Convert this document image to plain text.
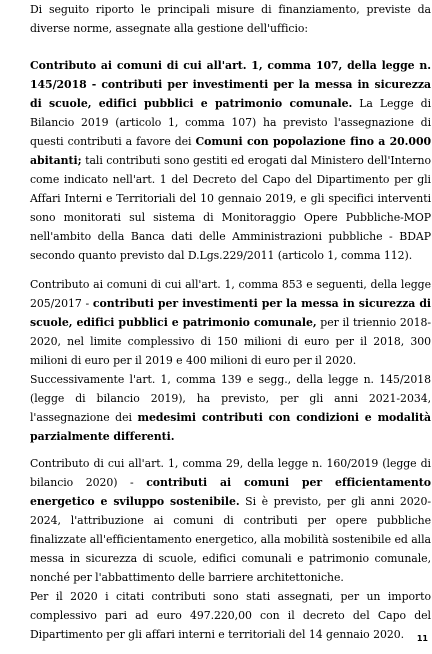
Di seguito riporto le principali misure di finanziamento, previste da diverse norme, assegnate alla gestione dell'ufficio:

Contributo ai comuni di cui all'art. 1, comma 107, della legge n. 145/2018 - contributi per investimenti per la messa in sicurezza di scuole, edifici pubblici e patrimonio comunale. La Legge di Bilancio 2019 (articolo 1, comma 107) ha previsto l'assegnazione di questi contributi a favore dei Comuni con popolazione fino a 20.000 abitanti; tali contributi sono gestiti ed erogati dal Ministero dell'Interno come indicato nell'art. 1 del Decreto del Capo del Dipartimento per gli Affari Interni e Territoriali del 10 gennaio 2019, e gli specifici interventi sono monitorati sul sistema di Monitoraggio Opere Pubbliche-MOP nell'ambito della Banca dati delle Amministrazioni pubbliche - BDAP secondo quanto previsto dal D.Lgs.229/2011 (articolo 1, comma 112).

Contributo ai comuni di cui all'art. 1, comma 853 e seguenti, della legge 205/2017 - contributi per investimenti per la messa in sicurezza di scuole, edifici pubblici e patrimonio comunale, per il triennio 2018-2020, nel limite complessivo di 150 milioni di euro per il 2018, 300 milioni di euro per il 2019 e 400 milioni di euro per il 2020.

Successivamente l'art. 1, comma 139 e segg., della legge n. 145/2018 (legge di bilancio 2019), ha previsto, per gli anni 2021-2034, l'assegnazione dei medesimi contributi con condizioni e modalità parzialmente differenti.

Contributo di cui all'art. 1, comma 29, della legge n. 160/2019 (legge di bilancio 2020) - contributi ai comuni per efficientamento energetico e sviluppo sostenibile. Si è previsto, per gli anni 2020-2024, l'attribuzione ai comuni di contributi per opere pubbliche finalizzate all'efficientamento energetico, alla mobilità sostenibile ed alla messa in sicurezza di scuole, edifici comunali e patrimonio comunale, nonché per l'abbattimento delle barriere architettoniche.

Per il 2020 i citati contributi sono stati assegnati, per un importo complessivo pari ad euro 497.220,00 con il decreto del Capo del Dipartimento per gli affari interni e territoriali del 14 gennaio 2020.	11
